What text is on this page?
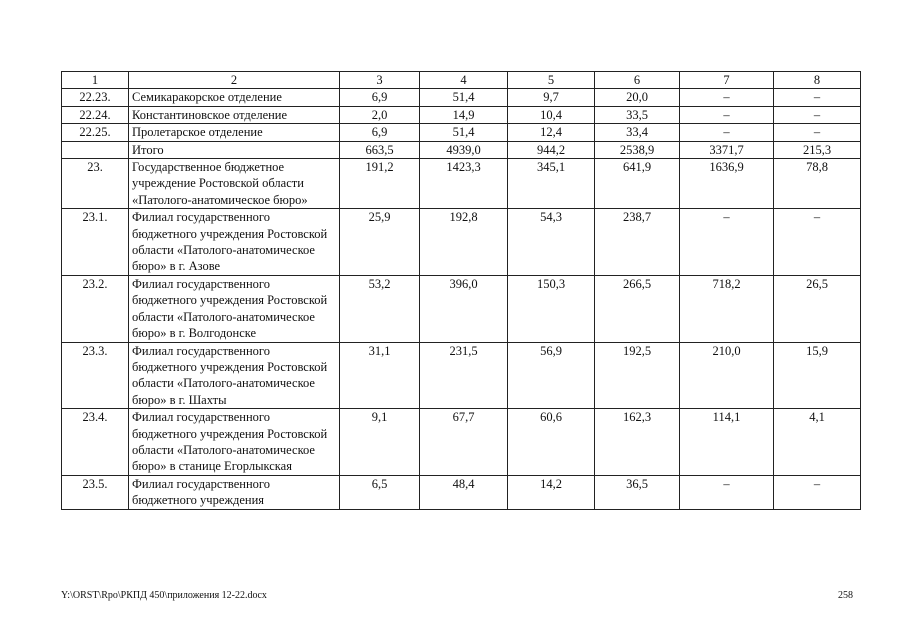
1	2	3	4	5	6	7	8
22.23.	Семикаракорское отделение	6,9	51,4	9,7	20,0	–	–
22.24.	Константиновское отделение	2,0	14,9	10,4	33,5	–	–
22.25.	Пролетарское отделение	6,9	51,4	12,4	33,4	–	–
	Итого	663,5	4939,0	944,2	2538,9	3371,7	215,3
23.	Государственное бюджетное учреждение Ростовской области «Патолого-анатомическое бюро»	191,2	1423,3	345,1	641,9	1636,9	78,8
23.1.	Филиал государственного бюджетного учреждения Ростовской области «Патолого-анатомическое бюро» в г. Азове	25,9	192,8	54,3	238,7	–	–
23.2.	Филиал государственного бюджетного учреждения Ростовской области «Патолого-анатомическое бюро» в г. Волгодонске	53,2	396,0	150,3	266,5	718,2	26,5
23.3.	Филиал государственного бюджетного учреждения Ростовской области «Патолого-анатомическое бюро» в г. Шахты	31,1	231,5	56,9	192,5	210,0	15,9
23.4.	Филиал государственного бюджетного учреждения Ростовской области «Патолого-анатомическое бюро» в станице Егорлыкская	9,1	67,7	60,6	162,3	114,1	4,1
23.5.	Филиал государственного бюджетного учреждения	6,5	48,4	14,2	36,5	–	–
Y:\ORST\Rpo\РКПД 450\приложения 12-22.docx	258
